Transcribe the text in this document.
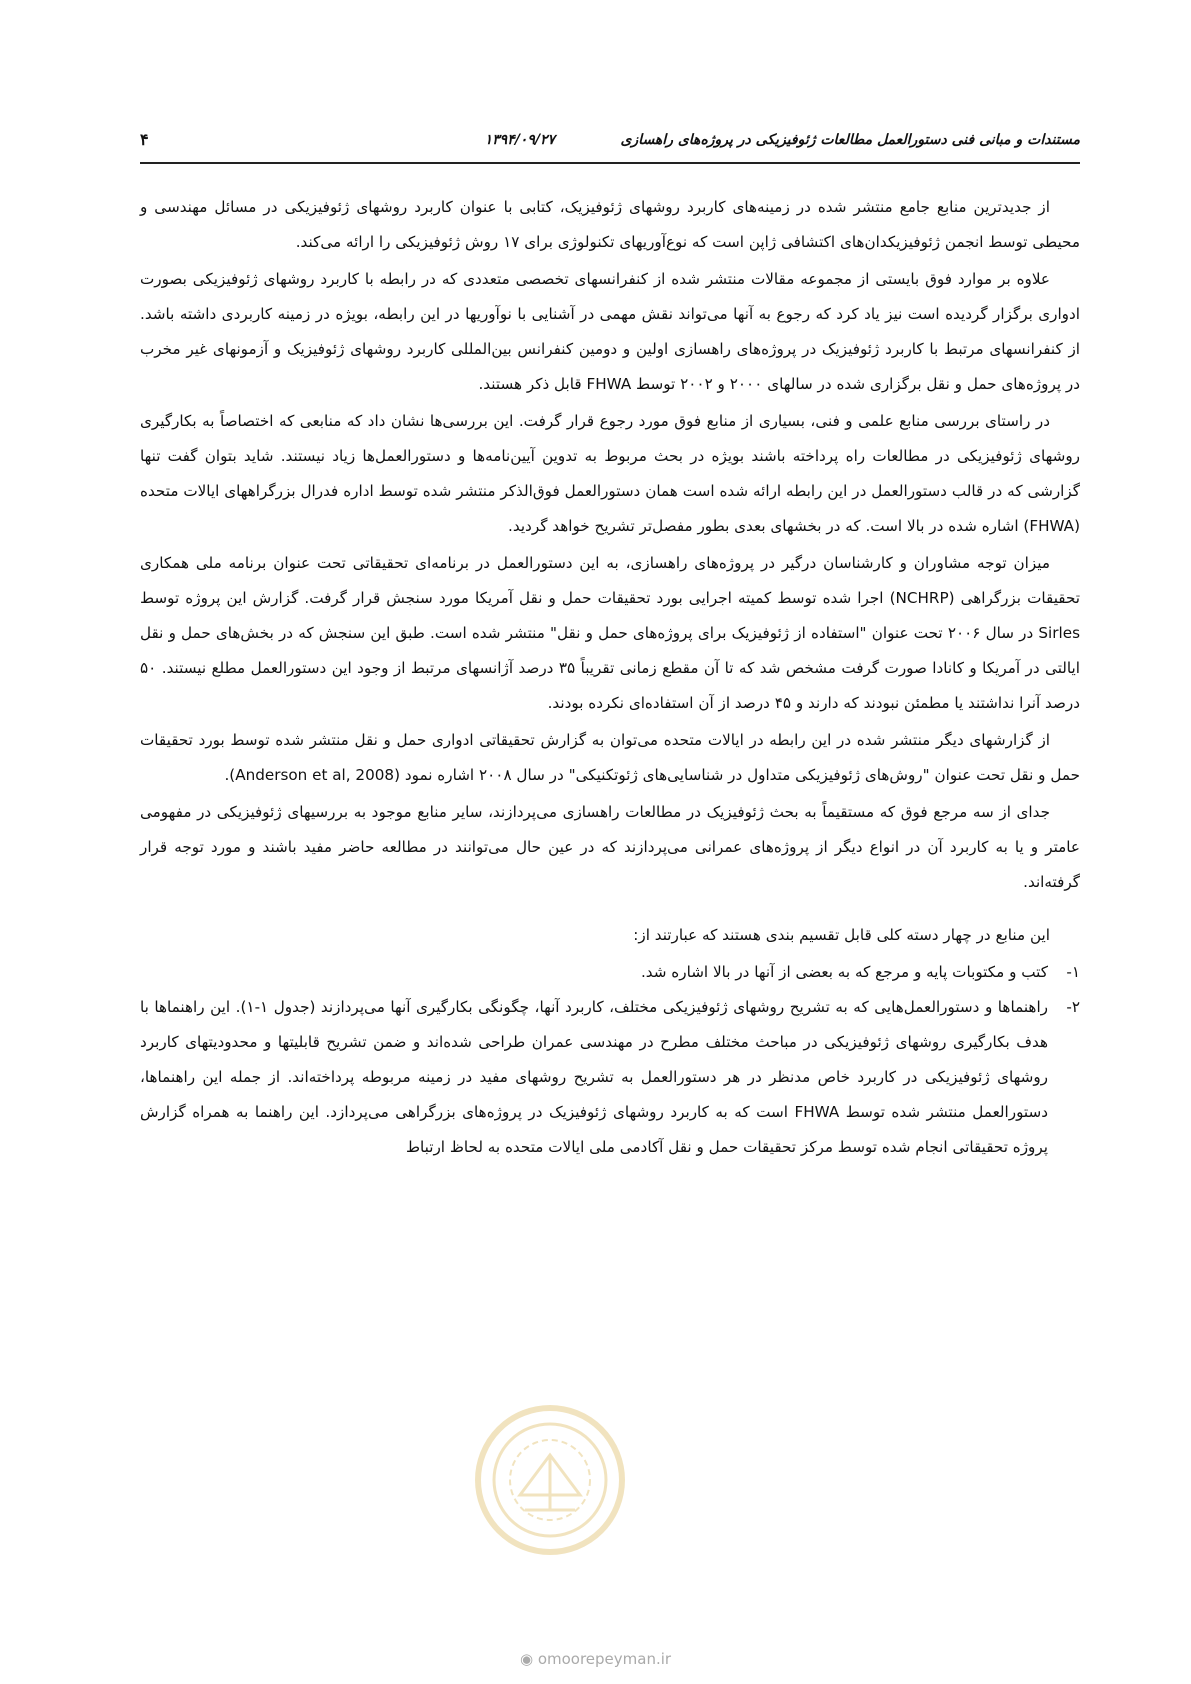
مستندات و مبانی فنی دستورالعمل مطالعات ژئوفیزیکی در پروژه‌های راهسازی
۱۳۹۴/۰۹/۲۷
۴

از جدیدترین منابع جامع منتشر شده در زمینه‌های کاربرد روشهای ژئوفیزیک، کتابی با عنوان کاربرد روشهای ژئوفیزیکی در مسائل مهندسی و محیطی توسط انجمن ژئوفیزیکدان‌های اکتشافی ژاپن است که نوع‌آوریهای تکنولوژی برای ۱۷ روش ژئوفیزیکی را ارائه می‌کند.

علاوه بر موارد فوق بایستی از مجموعه مقالات منتشر شده از کنفرانسهای تخصصی متعددی که در رابطه با کاربرد روشهای ژئوفیزیکی بصورت ادواری برگزار گردیده است نیز یاد کرد که رجوع به آنها می‌تواند نقش مهمی در آشنایی با نوآوریها در این رابطه، بویژه در زمینه کاربردی داشته باشد. از کنفرانسهای مرتبط با کاربرد ژئوفیزیک در پروژه‌های راهسازی اولین و دومین کنفرانس بین‌المللی کاربرد روشهای ژئوفیزیک و آزمونهای غیر مخرب در پروژه‌های حمل و نقل برگزاری شده در سالهای ۲۰۰۰ و ۲۰۰۲ توسط FHWA قابل ذکر هستند.

در راستای بررسی منابع علمی و فنی، بسیاری از منابع فوق مورد رجوع قرار گرفت. این بررسی‌ها نشان داد که منابعی که اختصاصاً به بکارگیری روشهای ژئوفیزیکی در مطالعات راه پرداخته باشند بویژه در بحث مربوط به تدوین آیین‌نامه‌ها و دستورالعمل‌ها زیاد نیستند. شاید بتوان گفت تنها گزارشی که در قالب دستورالعمل در این رابطه ارائه شده است همان دستورالعمل فوق‌الذکر منتشر شده توسط اداره فدرال بزرگراههای ایالات متحده (FHWA) اشاره شده در بالا است. که در بخشهای بعدی بطور مفصل‌تر تشریح خواهد گردید.

میزان توجه مشاوران و کارشناسان درگیر در پروژه‌های راهسازی، به این دستورالعمل در برنامه‌ای تحقیقاتی تحت عنوان برنامه ملی همکاری تحقیقات بزرگراهی (NCHRP) اجرا شده توسط کمیته اجرایی بورد تحقیقات حمل و نقل آمریکا مورد سنجش قرار گرفت. گزارش این پروژه توسط Sirles در سال ۲۰۰۶ تحت عنوان "استفاده از ژئوفیزیک برای پروژه‌های حمل و نقل" منتشر شده است. طبق این سنجش که در بخش‌های حمل و نقل ایالتی در آمریکا و کانادا صورت گرفت مشخص شد که تا آن مقطع زمانی تقریباً ۳۵ درصد آژانسهای مرتبط از وجود این دستورالعمل مطلع نیستند. ۵۰ درصد آنرا نداشتند یا مطمئن نبودند که دارند و ۴۵ درصد از آن استفاده‌ای نکرده بودند.

از گزارشهای دیگر منتشر شده در این رابطه در ایالات متحده می‌توان به گزارش تحقیقاتی ادواری حمل و نقل منتشر شده توسط بورد تحقیقات حمل و نقل تحت عنوان "روش‌های ژئوفیزیکی متداول در شناسایی‌های ژئوتکنیکی" در سال ۲۰۰۸ اشاره نمود (Anderson et al, 2008).

جدای از سه مرجع فوق که مستقیماً به بحث ژئوفیزیک در مطالعات راهسازی می‌پردازند، سایر منابع موجود به بررسیهای ژئوفیزیکی در مفهومی عامتر و یا به کاربرد آن در انواع دیگر از پروژه‌های عمرانی می‌پردازند که در عین حال می‌توانند در مطالعه حاضر مفید باشند و مورد توجه قرار گرفته‌اند.

این منابع در چهار دسته کلی قابل تقسیم بندی هستند که عبارتند از:

۱-
کتب و مکتوبات پایه و مرجع که به بعضی از آنها در بالا اشاره شد.
۲-
راهنماها و دستورالعمل‌هایی که به تشریح روشهای ژئوفیزیکی مختلف، کاربرد آنها، چگونگی بکارگیری آنها می‌پردازند (جدول ۱-۱). این راهنماها با هدف بکارگیری روشهای ژئوفیزیکی در مباحث مختلف مطرح در مهندسی عمران طراحی شده‌اند و ضمن تشریح قابلیتها و محدودیتهای کاربرد روشهای ژئوفیزیکی در کاربرد خاص مدنظر در هر دستورالعمل به تشریح روشهای مفید در زمینه مربوطه پرداخته‌اند. از جمله این راهنماها، دستورالعمل منتشر شده توسط FHWA است که به کاربرد روشهای ژئوفیزیک در پروژه‌های بزرگراهی می‌پردازد. این راهنما به همراه گزارش پروژه تحقیقاتی انجام شده توسط مرکز تحقیقات حمل و نقل آکادمی ملی ایالات متحده به لحاظ ارتباط
◉ omoorepeyman.ir
